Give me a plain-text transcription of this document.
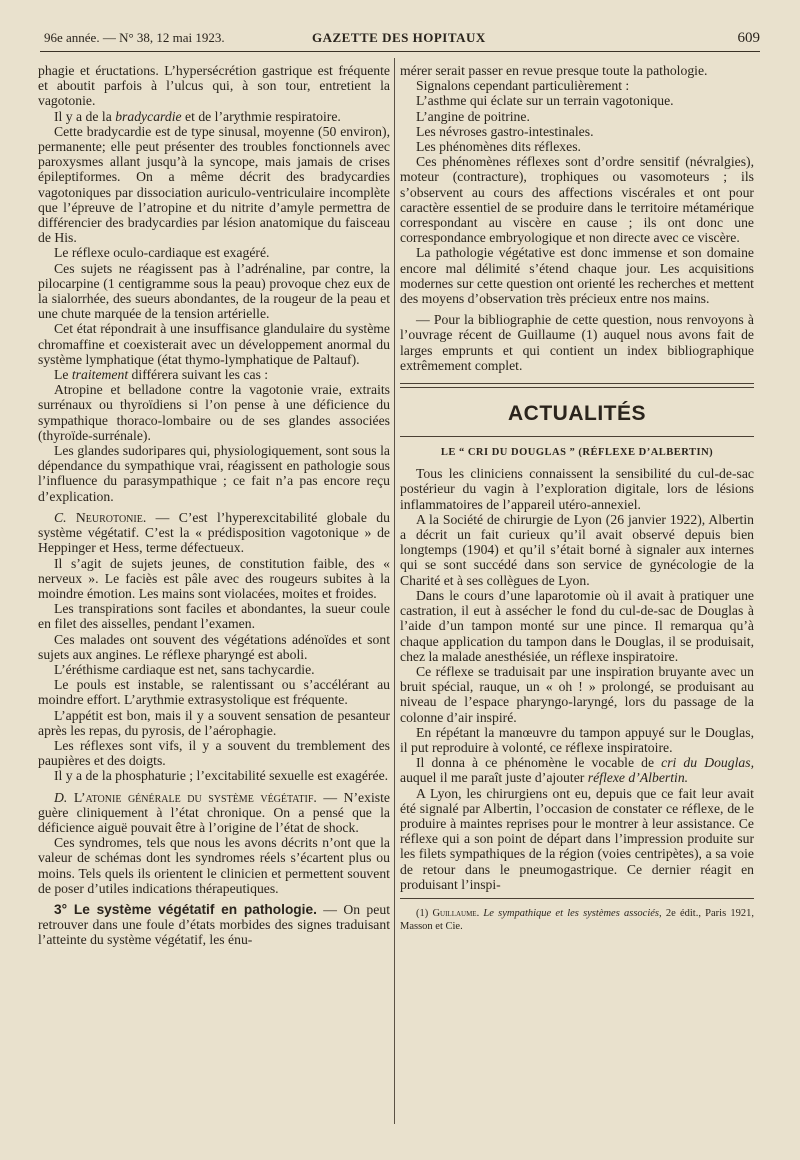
96e année. — N° 38, 12 mai 1923.	GAZETTE DES HOPITAUX	609

phagie et éructations. L’hypersécrétion gastrique est fréquente et aboutit parfois à l’ulcus qui, à son tour, entretient la vagotonie.

Il y a de la bradycardie et de l’arythmie respiratoire.

Cette bradycardie est de type sinusal, moyenne (50 environ), permanente; elle peut présenter des troubles fonctionnels avec paroxysmes allant jusqu’à la syncope, mais jamais de crises épileptiformes. On a même décrit des bradycardies vagotoniques par dissociation auriculo-ventriculaire incomplète que l’épreuve de l’atropine et du nitrite d’amyle permettra de différencier des bradycardies par lésion anatomique du faisceau de His.

Le réflexe oculo-cardiaque est exagéré.

Ces sujets ne réagissent pas à l’adrénaline, par contre, la pilocarpine (1 centigramme sous la peau) provoque chez eux de la sialorrhée, des sueurs abondantes, de la rougeur de la peau et une chute marquée de la tension artérielle.

Cet état répondrait à une insuffisance glandulaire du système chromaffine et coexisterait avec un développement anormal du système lymphatique (état thymo-lymphatique de Paltauf).

Le traitement différera suivant les cas :

Atropine et belladone contre la vagotonie vraie, extraits surrénaux ou thyroïdiens si l’on pense à une déficience du sympathique thoraco-lombaire ou de ses glandes associées (thyroïde-surrénale).

Les glandes sudoripares qui, physiologiquement, sont sous la dépendance du sympathique vrai, réagissent en pathologie sous l’influence du parasympathique ; ce fait n’a pas encore reçu d’explication.

C. Neurotonie. — C’est l’hyperexcitabilité globale du système végétatif. C’est la « prédisposition vagotonique » de Heppinger et Hess, terme défectueux.

Il s’agit de sujets jeunes, de constitution faible, des « nerveux ». Le faciès est pâle avec des rougeurs subites à la moindre émotion. Les mains sont violacées, moites et froides.

Les transpirations sont faciles et abondantes, la sueur coule en filet des aisselles, pendant l’examen.

Ces malades ont souvent des végétations adénoïdes et sont sujets aux angines. Le réflexe pharyngé est aboli.

L’éréthisme cardiaque est net, sans tachycardie.

Le pouls est instable, se ralentissant ou s’accélérant au moindre effort. L’arythmie extrasystolique est fréquente.

L’appétit est bon, mais il y a souvent sensation de pesanteur après les repas, du pyrosis, de l’aérophagie.

Les réflexes sont vifs, il y a souvent du tremblement des paupières et des doigts.

Il y a de la phosphaturie ; l’excitabilité sexuelle est exagérée.

D. L’atonie générale du système végétatif. — N’existe guère cliniquement à l’état chronique. On a pensé que la déficience aiguë pouvait être à l’origine de l’état de shock.

Ces syndromes, tels que nous les avons décrits n’ont que la valeur de schémas dont les syndromes réels s’écartent plus ou moins. Tels quels ils orientent le clinicien et permettent souvent de poser d’utiles indications thérapeutiques.

3° Le système végétatif en pathologie. — On peut retrouver dans une foule d’états morbides des signes traduisant l’atteinte du système végétatif, les énu-

mérer serait passer en revue presque toute la pathologie.

Signalons cependant particulièrement :

L’asthme qui éclate sur un terrain vagotonique.

L’angine de poitrine.

Les névroses gastro-intestinales.

Les phénomènes dits réflexes.

Ces phénomènes réflexes sont d’ordre sensitif (névralgies), moteur (contracture), trophiques ou vasomoteurs ; ils s’observent au cours des affections viscérales et ont pour caractère essentiel de se produire dans le territoire métamérique correspondant au viscère en cause ; ils ont donc une correspondance embryologique et non directe avec ce viscère.

La pathologie végétative est donc immense et son domaine encore mal délimité s’étend chaque jour. Les acquisitions modernes sur cette question ont orienté les recherches et mettent des moyens d’observation très précieux entre nos mains.

— Pour la bibliographie de cette question, nous renvoyons à l’ouvrage récent de Guillaume (1) auquel nous avons fait de larges emprunts et qui contient un index bibliographique extrêmement complet.

ACTUALITÉS
LE “ CRI DU DOUGLAS ” (RÉFLEXE D’ALBERTIN)

Tous les cliniciens connaissent la sensibilité du cul-de-sac postérieur du vagin à l’exploration digitale, lors de lésions inflammatoires de l’appareil utéro-annexiel.

A la Société de chirurgie de Lyon (26 janvier 1922), Albertin a décrit un fait curieux qu’il avait observé depuis bien longtemps (1904) et qu’il s’était borné à signaler aux internes qui se sont succédé dans son service de gynécologie de la Charité et à ses collègues de Lyon.

Dans le cours d’une laparotomie où il avait à pratiquer une castration, il eut à assécher le fond du cul-de-sac de Douglas à l’aide d’un tampon monté sur une pince. Il remarqua qu’à chaque application du tampon dans le Douglas, il se produisait, chez la malade anesthésiée, un réflexe inspiratoire.

Ce réflexe se traduisait par une inspiration bruyante avec un bruit spécial, rauque, un « oh ! » prolongé, se produisant au niveau de l’espace pharyngo-laryngé, lors du passage de la colonne d’air inspiré.

En répétant la manœuvre du tampon appuyé sur le Douglas, il put reproduire à volonté, ce réflexe inspiratoire.

Il donna à ce phénomène le vocable de cri du Douglas, auquel il me paraît juste d’ajouter réflexe d’Albertin.

A Lyon, les chirurgiens ont eu, depuis que ce fait leur avait été signalé par Albertin, l’occasion de constater ce réflexe, de le produire à maintes reprises pour le montrer à leur assistance. Ce réflexe qui a son point de départ dans l’impression produite sur les filets sympathiques de la région (voies centripètes), a sa voie de retour dans le pneumogastrique. Ce dernier réagit en produisant l’inspi-

(1) Guillaume. Le sympathique et les systèmes associés, 2e édit., Paris 1921, Masson et Cie.
